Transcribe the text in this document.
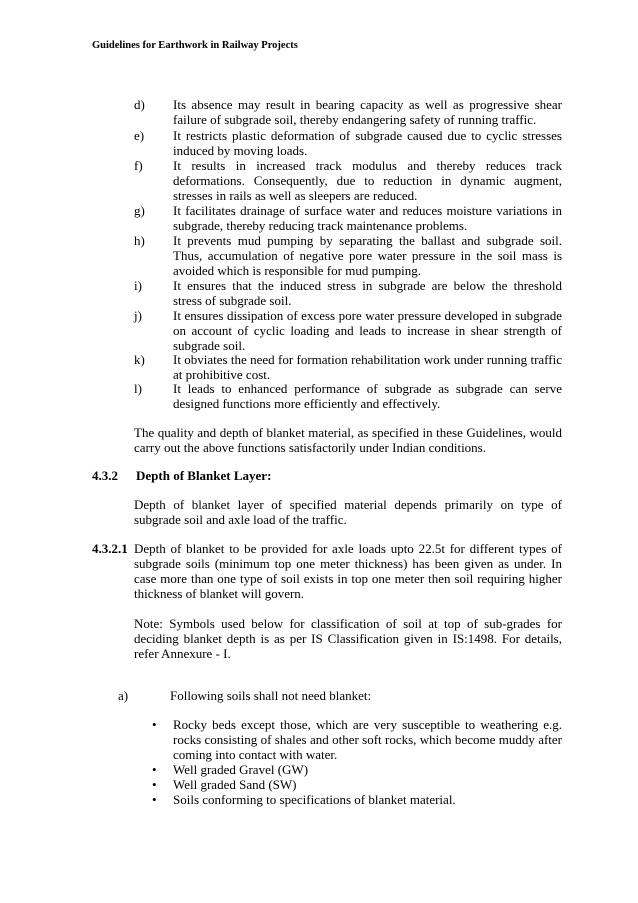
Guidelines for Earthwork in Railway Projects
d) Its absence may result in bearing capacity as well as progressive shear failure of subgrade soil, thereby endangering safety of running traffic.
e) It restricts plastic deformation of subgrade caused due to cyclic stresses induced by moving loads.
f) It results in increased track modulus and thereby reduces track deformations. Consequently, due to reduction in dynamic augment, stresses in rails as well as sleepers are reduced.
g) It facilitates drainage of surface water and reduces moisture variations in subgrade, thereby reducing track maintenance problems.
h) It prevents mud pumping by separating the ballast and subgrade soil. Thus, accumulation of negative pore water pressure in the soil mass is avoided which is responsible for mud pumping.
i) It ensures that the induced stress in subgrade are below the threshold stress of subgrade soil.
j) It ensures dissipation of excess pore water pressure developed in subgrade on account of cyclic loading and leads to increase in shear strength of subgrade soil.
k) It obviates the need for formation rehabilitation work under running traffic at prohibitive cost.
l) It leads to enhanced performance of subgrade as subgrade can serve designed functions more efficiently and effectively.
The quality and depth of blanket material, as specified in these Guidelines, would carry out the above functions satisfactorily under Indian conditions.
4.3.2 Depth of Blanket Layer:
Depth of blanket layer of specified material depends primarily on type of subgrade soil and axle load of the traffic.
4.3.2.1 Depth of blanket to be provided for axle loads upto 22.5t for different types of subgrade soils (minimum top one meter thickness) has been given as under. In case more than one type of soil exists in top one meter then soil requiring higher thickness of blanket will govern.
Note: Symbols used below for classification of soil at top of sub-grades for deciding blanket depth is as per IS Classification given in IS:1498. For details, refer Annexure - I.
a)	Following soils shall not need blanket:
• Rocky beds except those, which are very susceptible to weathering e.g. rocks consisting of shales and other soft rocks, which become muddy after coming into contact with water.
• Well graded Gravel (GW)
• Well graded Sand (SW)
• Soils conforming to specifications of blanket material.
